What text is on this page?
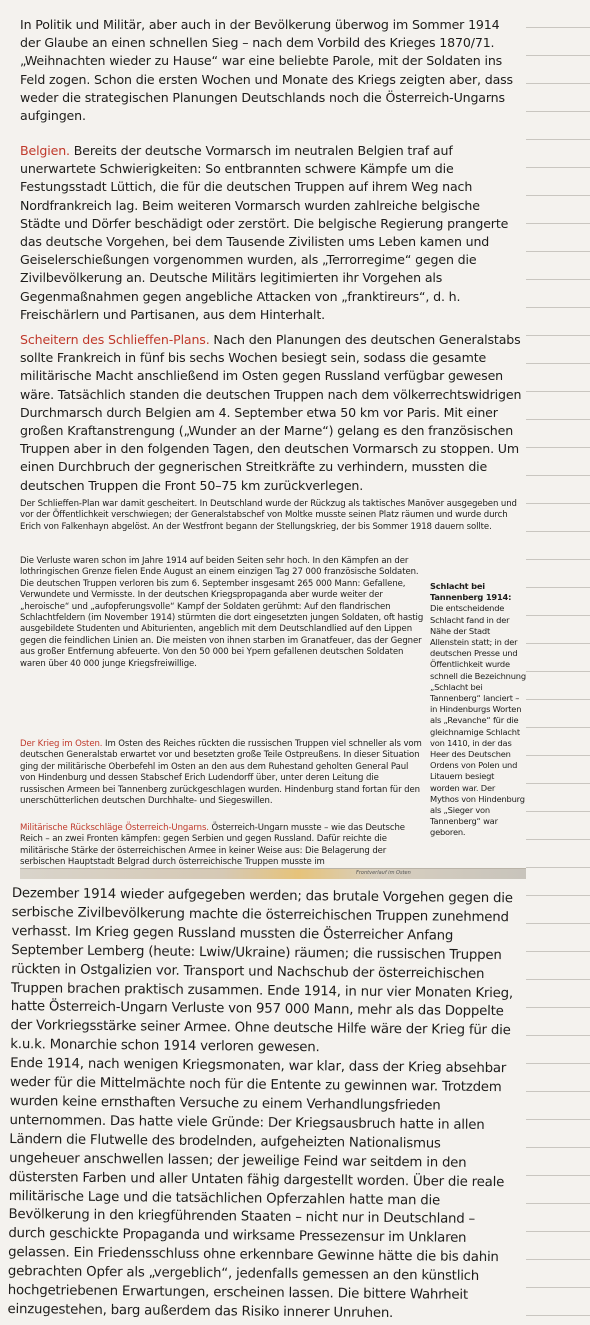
In Politik und Militär, aber auch in der Bevölkerung überwog im Sommer 1914 der Glaube an einen schnellen Sieg – nach dem Vorbild des Krieges 1870/71. „Weihnachten wieder zu Hause“ war eine beliebte Parole, mit der Soldaten ins Feld zogen. Schon die ersten Wochen und Monate des Kriegs zeigten aber, dass weder die strategischen Planungen Deutschlands noch die Österreich-Ungarns aufgingen.

Belgien. Bereits der deutsche Vormarsch im neutralen Belgien traf auf unerwartete Schwierigkeiten: So entbrannten schwere Kämpfe um die Festungsstadt Lüttich, die für die deutschen Truppen auf ihrem Weg nach Nordfrankreich lag. Beim weiteren Vormarsch wurden zahlreiche belgische Städte und Dörfer beschädigt oder zerstört. Die belgische Regierung prangerte das deutsche Vorgehen, bei dem Tausende Zivilisten ums Leben kamen und Geiselerschießungen vorgenommen wurden, als „Terrorregime“ gegen die Zivilbevölkerung an. Deutsche Militärs legitimierten ihr Vorgehen als Gegenmaßnahmen gegen angebliche Attacken von „franktireurs“, d. h. Freischärlern und Partisanen, aus dem Hinterhalt.

Scheitern des Schlieffen-Plans. Nach den Planungen des deutschen Generalstabs sollte Frankreich in fünf bis sechs Wochen besiegt sein, sodass die gesamte militärische Macht anschließend im Osten gegen Russland verfügbar gewesen wäre. Tatsächlich standen die deutschen Truppen nach dem völkerrechtswidrigen Durchmarsch durch Belgien am 4. September etwa 50 km vor Paris. Mit einer großen Kraftanstrengung („Wunder an der Marne“) gelang es den französischen Truppen aber in den folgenden Tagen, den deutschen Vormarsch zu stoppen. Um einen Durchbruch der gegnerischen Streitkräfte zu verhindern, mussten die deutschen Truppen die Front 50–75 km zurückverlegen.

Der Schlieffen-Plan war damit gescheitert. In Deutschland wurde der Rückzug als taktisches Manöver ausgegeben und vor der Öffentlichkeit verschwiegen; der Generalstabschef von Moltke musste seinen Platz räumen und wurde durch Erich von Falkenhayn abgelöst. An der Westfront begann der Stellungskrieg, der bis Sommer 1918 dauern sollte.

Die Verluste waren schon im Jahre 1914 auf beiden Seiten sehr hoch. In den Kämpfen an der lothringischen Grenze fielen Ende August an einem einzigen Tag 27 000 französische Soldaten. Die deutschen Truppen verloren bis zum 6. September insgesamt 265 000 Mann: Gefallene, Verwundete und Vermisste. In der deutschen Kriegspropaganda aber wurde weiter der „heroische“ und „aufopferungsvolle“ Kampf der Soldaten gerühmt: Auf den flandrischen Schlachtfeldern (im November 1914) stürmten die dort eingesetzten jungen Soldaten, oft hastig ausgebildete Studenten und Abiturienten, angeblich mit dem Deutschlandlied auf den Lippen gegen die feindlichen Linien an. Die meisten von ihnen starben im Granatfeuer, das der Gegner aus großer Entfernung abfeuerte. Von den 50 000 bei Ypern gefallenen deutschen Soldaten waren über 40 000 junge Kriegsfreiwillige.

Der Krieg im Osten. Im Osten des Reiches rückten die russischen Truppen viel schneller als vom deutschen Generalstab erwartet vor und besetzten große Teile Ostpreußens. In dieser Situation ging der militärische Oberbefehl im Osten an den aus dem Ruhestand geholten General Paul von Hindenburg und dessen Stabschef Erich Ludendorff über, unter deren Leitung die russischen Armeen bei Tannenberg zurückgeschlagen wurden. Hindenburg stand fortan für den unerschütterlichen deutschen Durchhalte- und Siegeswillen.

Militärische Rückschläge Österreich-Ungarns. Österreich-Ungarn musste – wie das Deutsche Reich – an zwei Fronten kämpfen: gegen Serbien und gegen Russland. Dafür reichte die militärische Stärke der österreichischen Armee in keiner Weise aus: Die Belagerung der serbischen Hauptstadt Belgrad durch österreichische Truppen musste im

Schlacht bei Tannenberg 1914: Die entscheidende Schlacht fand in der Nähe der Stadt Allenstein statt; in der deutschen Presse und Öffentlichkeit wurde schnell die Bezeichnung „Schlacht bei Tannenberg“ lanciert – in Hindenburgs Worten als „Revanche“ für die gleichnamige Schlacht von 1410, in der das Heer des Deutschen Ordens von Polen und Litauern besiegt worden war. Der Mythos von Hindenburg als „Sieger von Tannenberg“ war geboren.
Frontverlauf im Osten

Dezember 1914 wieder aufgegeben werden; das brutale Vorgehen gegen die serbische Zivilbevölkerung machte die österreichischen Truppen zunehmend verhasst. Im Krieg gegen Russland mussten die Österreicher Anfang September Lemberg (heute: Lwiw/Ukraine) räumen; die russischen Truppen rückten in Ostgalizien vor. Transport und Nachschub der österreichischen Truppen brachen praktisch zusammen. Ende 1914, in nur vier Monaten Krieg, hatte Österreich-Ungarn Verluste von 957 000 Mann, mehr als das Doppelte der Vorkriegsstärke seiner Armee. Ohne deutsche Hilfe wäre der Krieg für die k.u.k. Monarchie schon 1914 verloren gewesen.

Ende 1914, nach wenigen Kriegsmonaten, war klar, dass der Krieg absehbar weder für die Mittelmächte noch für die Entente zu gewinnen war. Trotzdem wurden keine ernsthaften Versuche zu einem Verhandlungsfrieden unternommen. Das hatte viele Gründe: Der Kriegsausbruch hatte in allen Ländern die Flutwelle des brodelnden, aufgeheizten Nationalismus ungeheuer anschwellen lassen; der jeweilige Feind war seitdem in den düstersten Farben und aller Untaten fähig dargestellt worden. Über die reale militärische Lage und die tatsächlichen Opferzahlen hatte man die Bevölkerung in den kriegführenden Staaten – nicht nur in Deutschland – durch geschickte Propaganda und wirksame Pressezensur im Unklaren gelassen. Ein Friedensschluss ohne erkennbare Gewinne hätte die bis dahin gebrachten Opfer als „vergeblich“, jedenfalls gemessen an den künstlich hochgetriebenen Erwartungen, erscheinen lassen. Die bittere Wahrheit einzugestehen, barg außerdem das Risiko innerer Unruhen.
